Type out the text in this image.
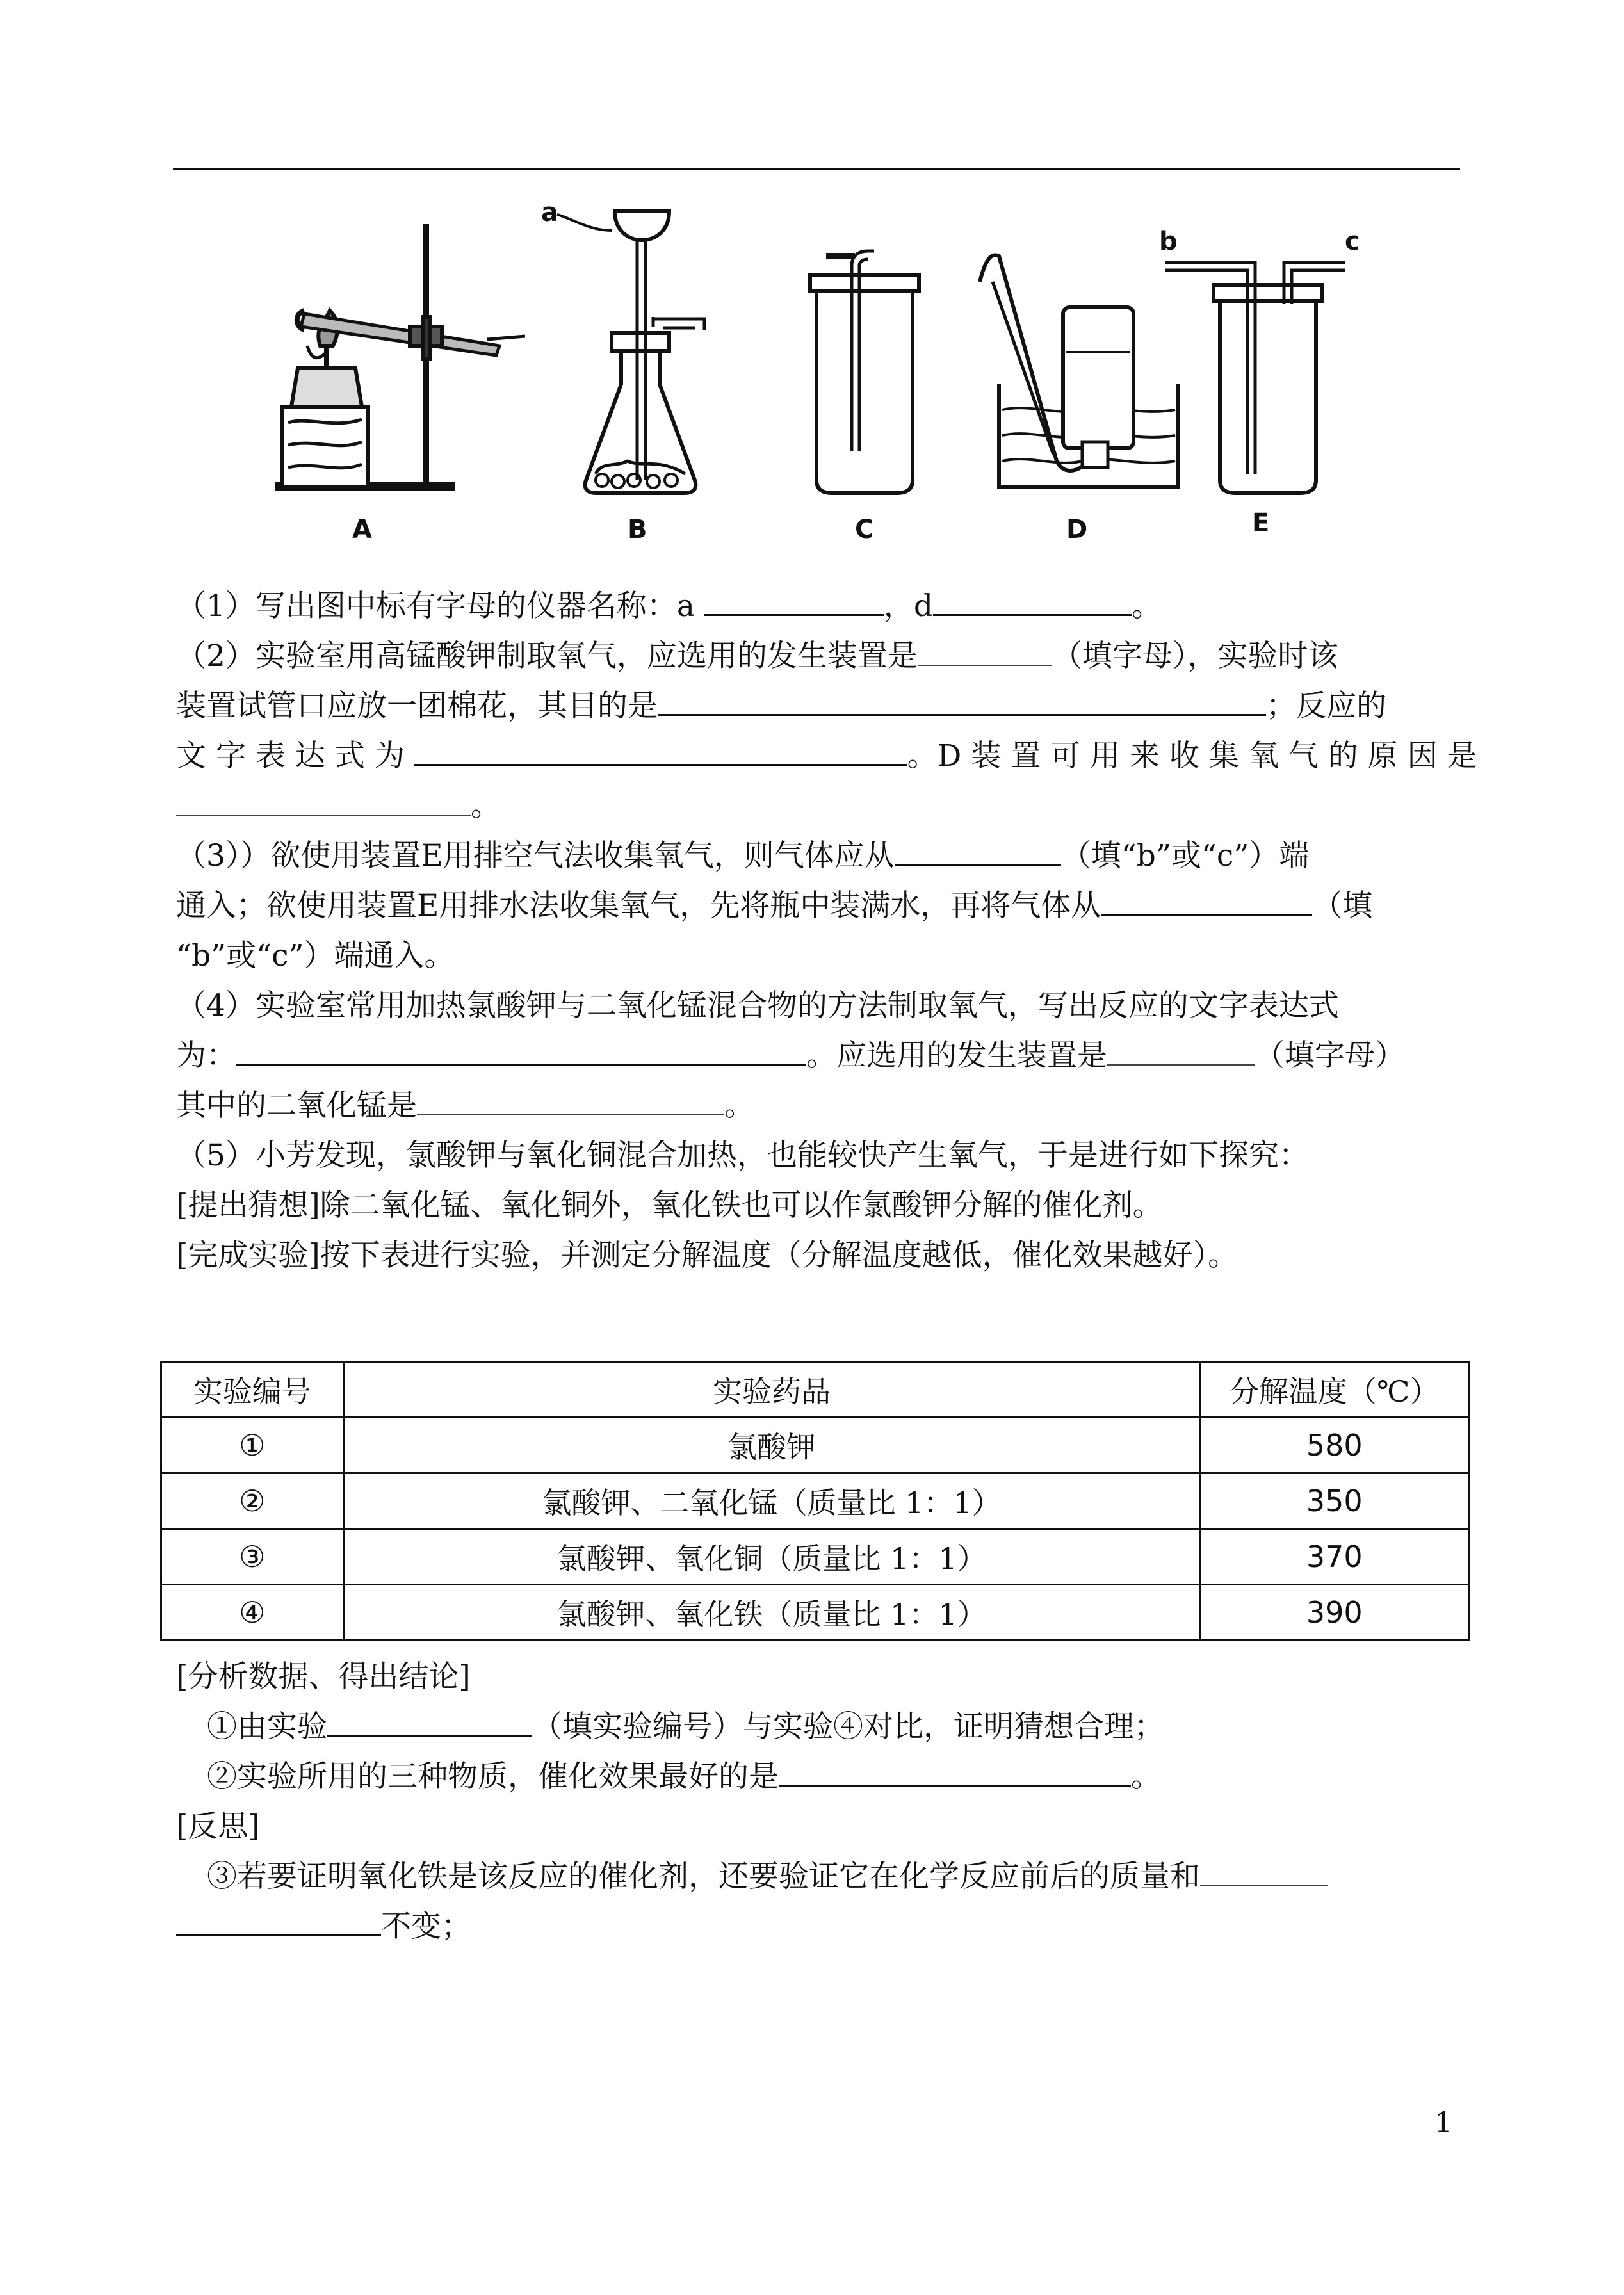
A
a
B	C	D
b	c
E
（1）写出图中标有字母的仪器名称：a	，d	。
（2）实验室用高锰酸钾制取氧气，应选用的发生装置是	（填字母），实验时该
装置试管口应放一团棉花，其目的是	；反应的
文 字 表 达 式 为	。D 装 置 可 用 来 收 集 氧 气 的 原 因 是
。
（3））欲使用装置E用排空气法收集氧气，则气体应从	（填“b”或“c”）端
通入；欲使用装置E用排水法收集氧气，先将瓶中装满水，再将气体从	（填
“b”或“c”）端通入。
（4）实验室常用加热氯酸钾与二氧化锰混合物的方法制取氧气，写出反应的文字表达式
为：	。应选用的发生装置是	（填字母）
其中的二氧化锰是	。
（5）小芳发现，氯酸钾与氧化铜混合加热，也能较快产生氧气，于是进行如下探究：
[提出猜想]除二氧化锰、氧化铜外，氧化铁也可以作氯酸钾分解的催化剂。
[完成实验]按下表进行实验，并测定分解温度（分解温度越低，催化效果越好）。
实验编号	实验药品	分解温度（℃）
①	氯酸钾	580
②	氯酸钾、二氧化锰（质量比 1：1）	350
③	氯酸钾、氧化铜（质量比 1：1）	370
④	氯酸钾、氧化铁（质量比 1：1）	390
[分析数据、得出结论]
①由实验	（填实验编号）与实验④对比，证明猜想合理；
②实验所用的三种物质，催化效果最好的是	。
[反思]
③若要证明氧化铁是该反应的催化剂，还要验证它在化学反应前后的质量和
不变；
1
